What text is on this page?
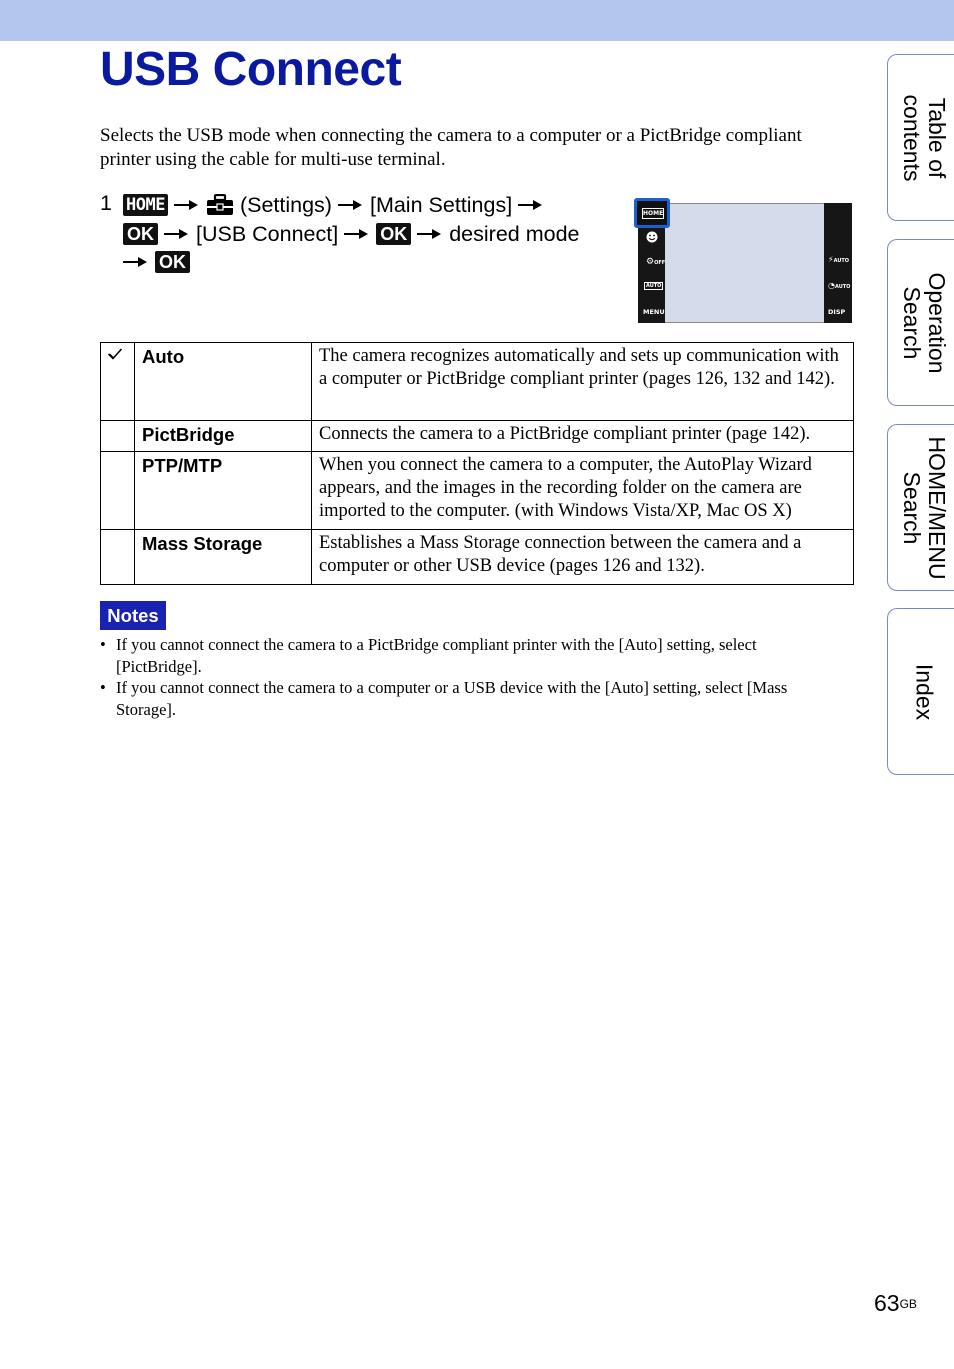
USB Connect

Selects the USB mode when connecting the camera to a computer or a PictBridge compliant printer using the cable for multi-use terminal.

1 HOME	(Settings) [Main Settings]
OK [USB Connect] OK desired mode
OK
HOME
⚙OFF
AUTO
MENU
⚡AUTO
◔AUTO
DISP
	Auto	The camera recognizes automatically and sets up communication with a computer or PictBridge compliant printer (pages 126, 132 and 142).
	PictBridge	Connects the camera to a PictBridge compliant printer (page 142).
	PTP/MTP	When you connect the camera to a computer, the AutoPlay Wizard appears, and the images in the recording folder on the camera are imported to the computer. (with Windows Vista/XP, Mac OS X)
	Mass Storage	Establishes a Mass Storage connection between the camera and a computer or other USB device (pages 126 and 132).
Notes
• If you cannot connect the camera to a PictBridge compliant printer with the [Auto] setting, select [PictBridge].
• If you cannot connect the camera to a computer or a USB device with the [Auto] setting, select [Mass Storage].
Table of
contents
Operation
Search
HOME/MENU
Search
Index
$63^{GB}$
